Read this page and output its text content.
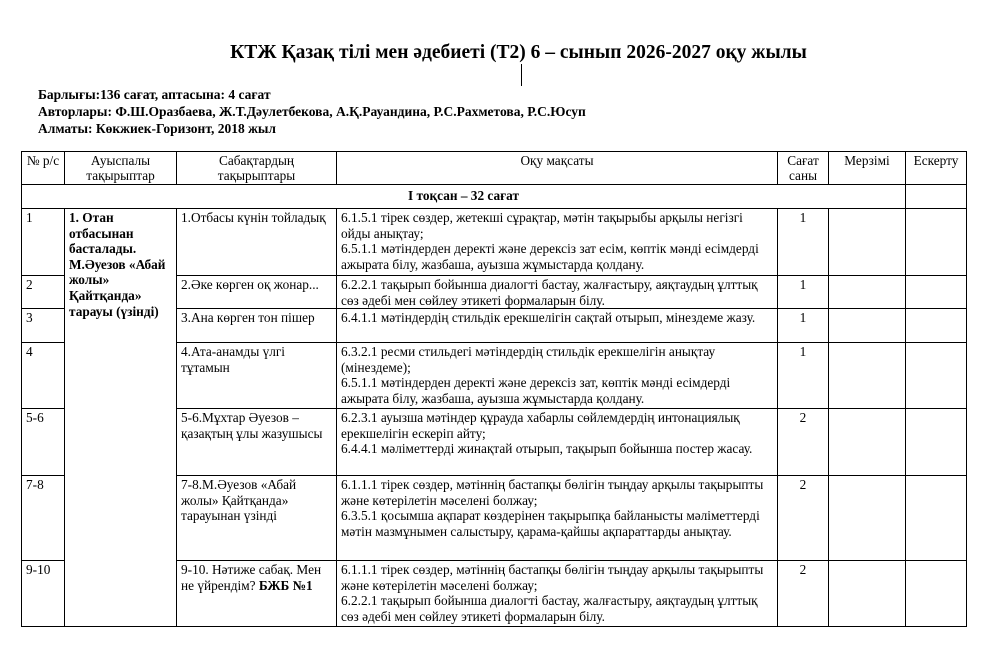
КТЖ Қазақ тілі мен әдебиеті (Т2) 6 – сынып 2026-2027 оқу жылы
Барлығы:136 сағат, аптасына: 4 сағат
Авторлары: Ф.Ш.Оразбаева, Ж.Т.Дәулетбекова, А.Қ.Рауандина, Р.С.Рахметова, Р.С.Юсуп
Алматы: Көкжиек-Горизонт, 2018 жыл
№ р/с	Ауыспалы тақырыптар	Сабақтардың тақырыптары	Оқу мақсаты	Сағат саны	Мерзімі	Ескерту
І тоқсан – 32 сағат						
1	1. Отан отбасынан басталады. М.Әуезов «Абай жолы» Қайтқанда» тарауы (үзінді)	1.Отбасы күнін тойладық	6.1.5.1 тірек сөздер, жетекші сұрақтар, мәтін тақырыбы арқылы негізгі ойды анықтау;
6.5.1.1 мәтіндерден деректі және дерексіз зат есім, көптік мәнді есімдерді ажырата білу, жазбаша, ауызша жұмыстарда қолдану.	1		
2		2.Әке көрген оқ жонар...	6.2.2.1 тақырып бойынша диалогті бастау, жалғастыру, аяқтаудың ұлттық сөз әдебі мен сөйлеу этикеті формаларын білу.	1		
3		3.Ана көрген тон пішер	6.4.1.1 мәтіндердің стильдік ерекшелігін сақтай отырып, мінездеме жазу.	1		
4		4.Ата-анамды үлгі тұтамын	6.3.2.1 ресми стильдегі мәтіндердің стильдік ерекшелігін анықтау (мінездеме);
6.5.1.1 мәтіндерден деректі және дерексіз зат, көптік мәнді есімдерді ажырата білу, жазбаша, ауызша жұмыстарда қолдану.	1		
5-6		5-6.Мұхтар Әуезов – қазақтың ұлы жазушысы	6.2.3.1 ауызша мәтіндер құрауда хабарлы сөйлемдердің интонациялық ерекшелігін ескеріп айту;
6.4.4.1 мәліметтерді жинақтай отырып, тақырып бойынша постер жасау.	2		
7-8		7-8.М.Әуезов «Абай жолы» Қайтқанда» тарауынан үзінді	6.1.1.1 тірек сөздер, мәтіннің бастапқы бөлігін тыңдау арқылы тақырыпты және көтерілетін мәселені болжау;
6.3.5.1 қосымша ақпарат көздерінен тақырыпқа байланысты мәліметтерді мәтін мазмұнымен салыстыру, қарама-қайшы ақпараттарды анықтау.	2		
9-10		9-10. Нәтиже сабақ. Мен не үйрендім? БЖБ №1	6.1.1.1 тірек сөздер, мәтіннің бастапқы бөлігін тыңдау арқылы тақырыпты және көтерілетін мәселені болжау;
6.2.2.1 тақырып бойынша диалогті бастау, жалғастыру, аяқтаудың ұлттық сөз әдебі мен сөйлеу этикеті формаларын білу.	2		
